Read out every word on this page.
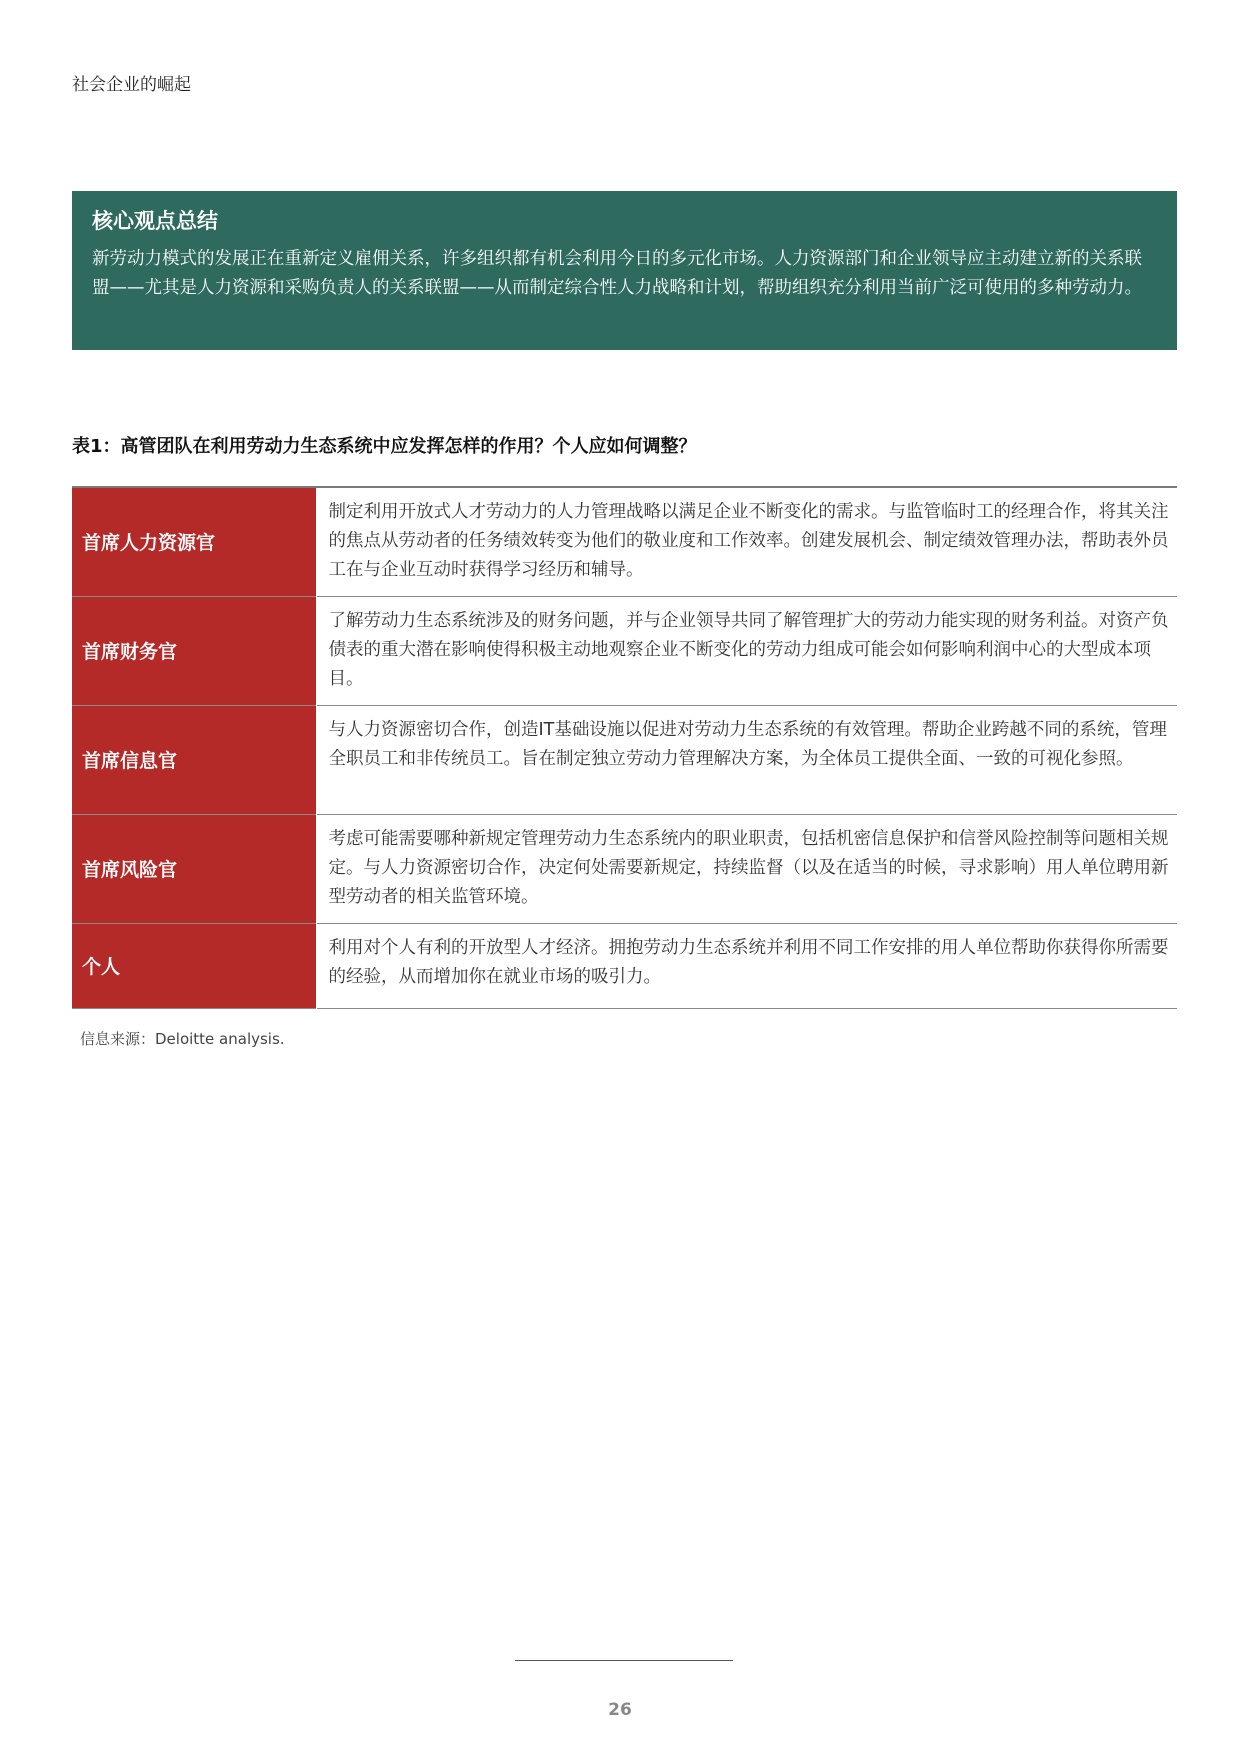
社会企业的崛起

核心观点总结

新劳动力模式的发展正在重新定义雇佣关系，许多组织都有机会利用今日的多元化市场。人力资源部门和企业领导应主动建立新的关系联盟——尤其是人力资源和采购负责人的关系联盟——从而制定综合性人力战略和计划，帮助组织充分利用当前广泛可使用的多种劳动力。

表1：高管团队在利用劳动力生态系统中应发挥怎样的作用？个人应如何调整？
首席人力资源官	制定利用开放式人才劳动力的人力管理战略以满足企业不断变化的需求。与监管临时工的经理合作，将其关注的焦点从劳动者的任务绩效转变为他们的敬业度和工作效率。创建发展机会、制定绩效管理办法，帮助表外员工在与企业互动时获得学习经历和辅导。
首席财务官	了解劳动力生态系统涉及的财务问题，并与企业领导共同了解管理扩大的劳动力能实现的财务利益。对资产负债表的重大潜在影响使得积极主动地观察企业不断变化的劳动力组成可能会如何影响利润中心的大型成本项目。
首席信息官	与人力资源密切合作，创造IT基础设施以促进对劳动力生态系统的有效管理。帮助企业跨越不同的系统，管理全职员工和非传统员工。旨在制定独立劳动力管理解决方案，为全体员工提供全面、一致的可视化参照。
首席风险官	考虑可能需要哪种新规定管理劳动力生态系统内的职业职责，包括机密信息保护和信誉风险控制等问题相关规定。与人力资源密切合作，决定何处需要新规定，持续监督（以及在适当的时候，寻求影响）用人单位聘用新型劳动者的相关监管环境。
个人	利用对个人有利的开放型人才经济。拥抱劳动力生态系统并利用不同工作安排的用人单位帮助你获得你所需要的经验，从而增加你在就业市场的吸引力。
信息来源：Deloitte analysis.
26
